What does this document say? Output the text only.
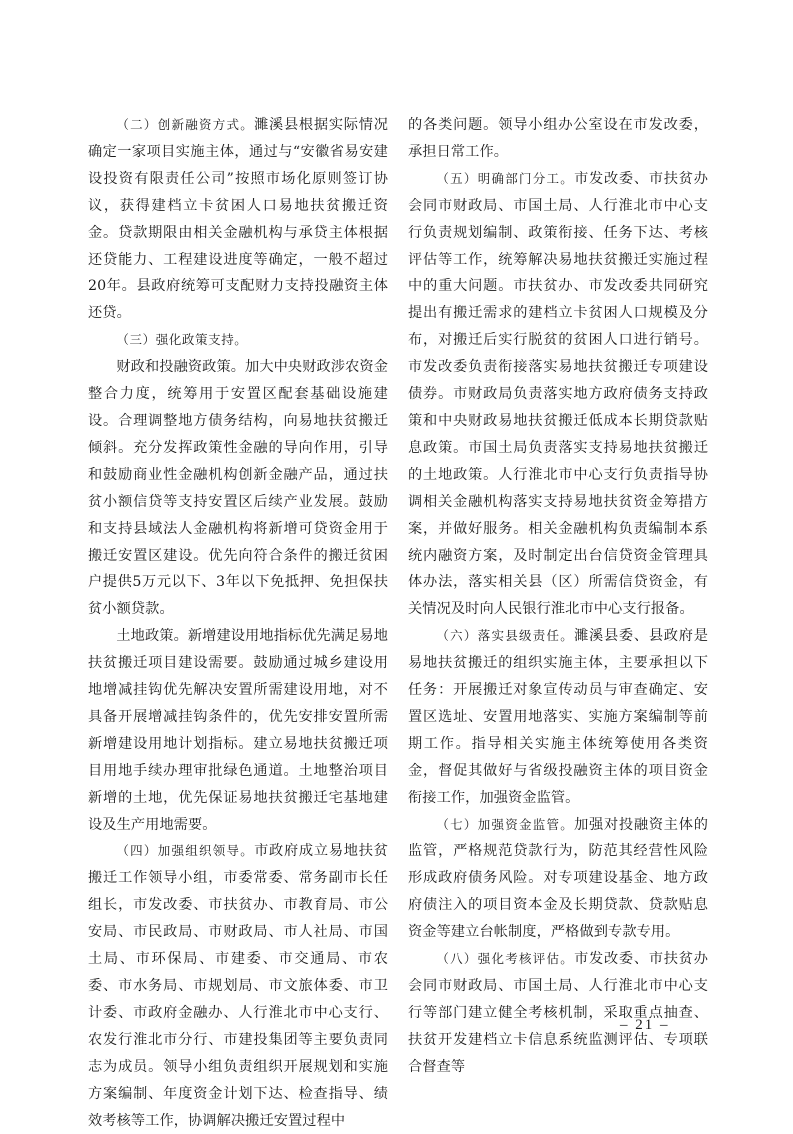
（二）创新融资方式。濉溪县根据实际情况确定一家项目实施主体，通过与“安徽省易安建设投资有限责任公司”按照市场化原则签订协议，获得建档立卡贫困人口易地扶贫搬迁资金。贷款期限由相关金融机构与承贷主体根据还贷能力、工程建设进度等确定，一般不超过20年。县政府统筹可支配财力支持投融资主体还贷。

（三）强化政策支持。

财政和投融资政策。加大中央财政涉农资金整合力度，统筹用于安置区配套基础设施建设。合理调整地方债务结构，向易地扶贫搬迁倾斜。充分发挥政策性金融的导向作用，引导和鼓励商业性金融机构创新金融产品，通过扶贫小额信贷等支持安置区后续产业发展。鼓励和支持县域法人金融机构将新增可贷资金用于搬迁安置区建设。优先向符合条件的搬迁贫困户提供5万元以下、3年以下免抵押、免担保扶贫小额贷款。

土地政策。新增建设用地指标优先满足易地扶贫搬迁项目建设需要。鼓励通过城乡建设用地增减挂钩优先解决安置所需建设用地，对不具备开展增减挂钩条件的，优先安排安置所需新增建设用地计划指标。建立易地扶贫搬迁项目用地手续办理审批绿色通道。土地整治项目新增的土地，优先保证易地扶贫搬迁宅基地建设及生产用地需要。

（四）加强组织领导。市政府成立易地扶贫搬迁工作领导小组，市委常委、常务副市长任组长，市发改委、市扶贫办、市教育局、市公安局、市民政局、市财政局、市人社局、市国土局、市环保局、市建委、市交通局、市农委、市水务局、市规划局、市文旅体委、市卫计委、市政府金融办、人行淮北市中心支行、农发行淮北市分行、市建投集团等主要负责同志为成员。领导小组负责组织开展规划和实施方案编制、年度资金计划下达、检查指导、绩效考核等工作，协调解决搬迁安置过程中

的各类问题。领导小组办公室设在市发改委，承担日常工作。

（五）明确部门分工。市发改委、市扶贫办会同市财政局、市国土局、人行淮北市中心支行负责规划编制、政策衔接、任务下达、考核评估等工作，统筹解决易地扶贫搬迁实施过程中的重大问题。市扶贫办、市发改委共同研究提出有搬迁需求的建档立卡贫困人口规模及分布，对搬迁后实行脱贫的贫困人口进行销号。市发改委负责衔接落实易地扶贫搬迁专项建设债券。市财政局负责落实地方政府债务支持政策和中央财政易地扶贫搬迁低成本长期贷款贴息政策。市国土局负责落实支持易地扶贫搬迁的土地政策。人行淮北市中心支行负责指导协调相关金融机构落实支持易地扶贫资金筹措方案，并做好服务。相关金融机构负责编制本系统内融资方案，及时制定出台信贷资金管理具体办法，落实相关县（区）所需信贷资金，有关情况及时向人民银行淮北市中心支行报备。

（六）落实县级责任。濉溪县委、县政府是易地扶贫搬迁的组织实施主体，主要承担以下任务：开展搬迁对象宣传动员与审查确定、安置区选址、安置用地落实、实施方案编制等前期工作。指导相关实施主体统筹使用各类资金，督促其做好与省级投融资主体的项目资金衔接工作，加强资金监管。

（七）加强资金监管。加强对投融资主体的监管，严格规范贷款行为，防范其经营性风险形成政府债务风险。对专项建设基金、地方政府债注入的项目资本金及长期贷款、贷款贴息资金等建立台帐制度，严格做到专款专用。

（八）强化考核评估。市发改委、市扶贫办会同市财政局、市国土局、人行淮北市中心支行等部门建立健全考核机制，采取重点抽查、扶贫开发建档立卡信息系统监测评估、专项联合督查等

– 21 –
